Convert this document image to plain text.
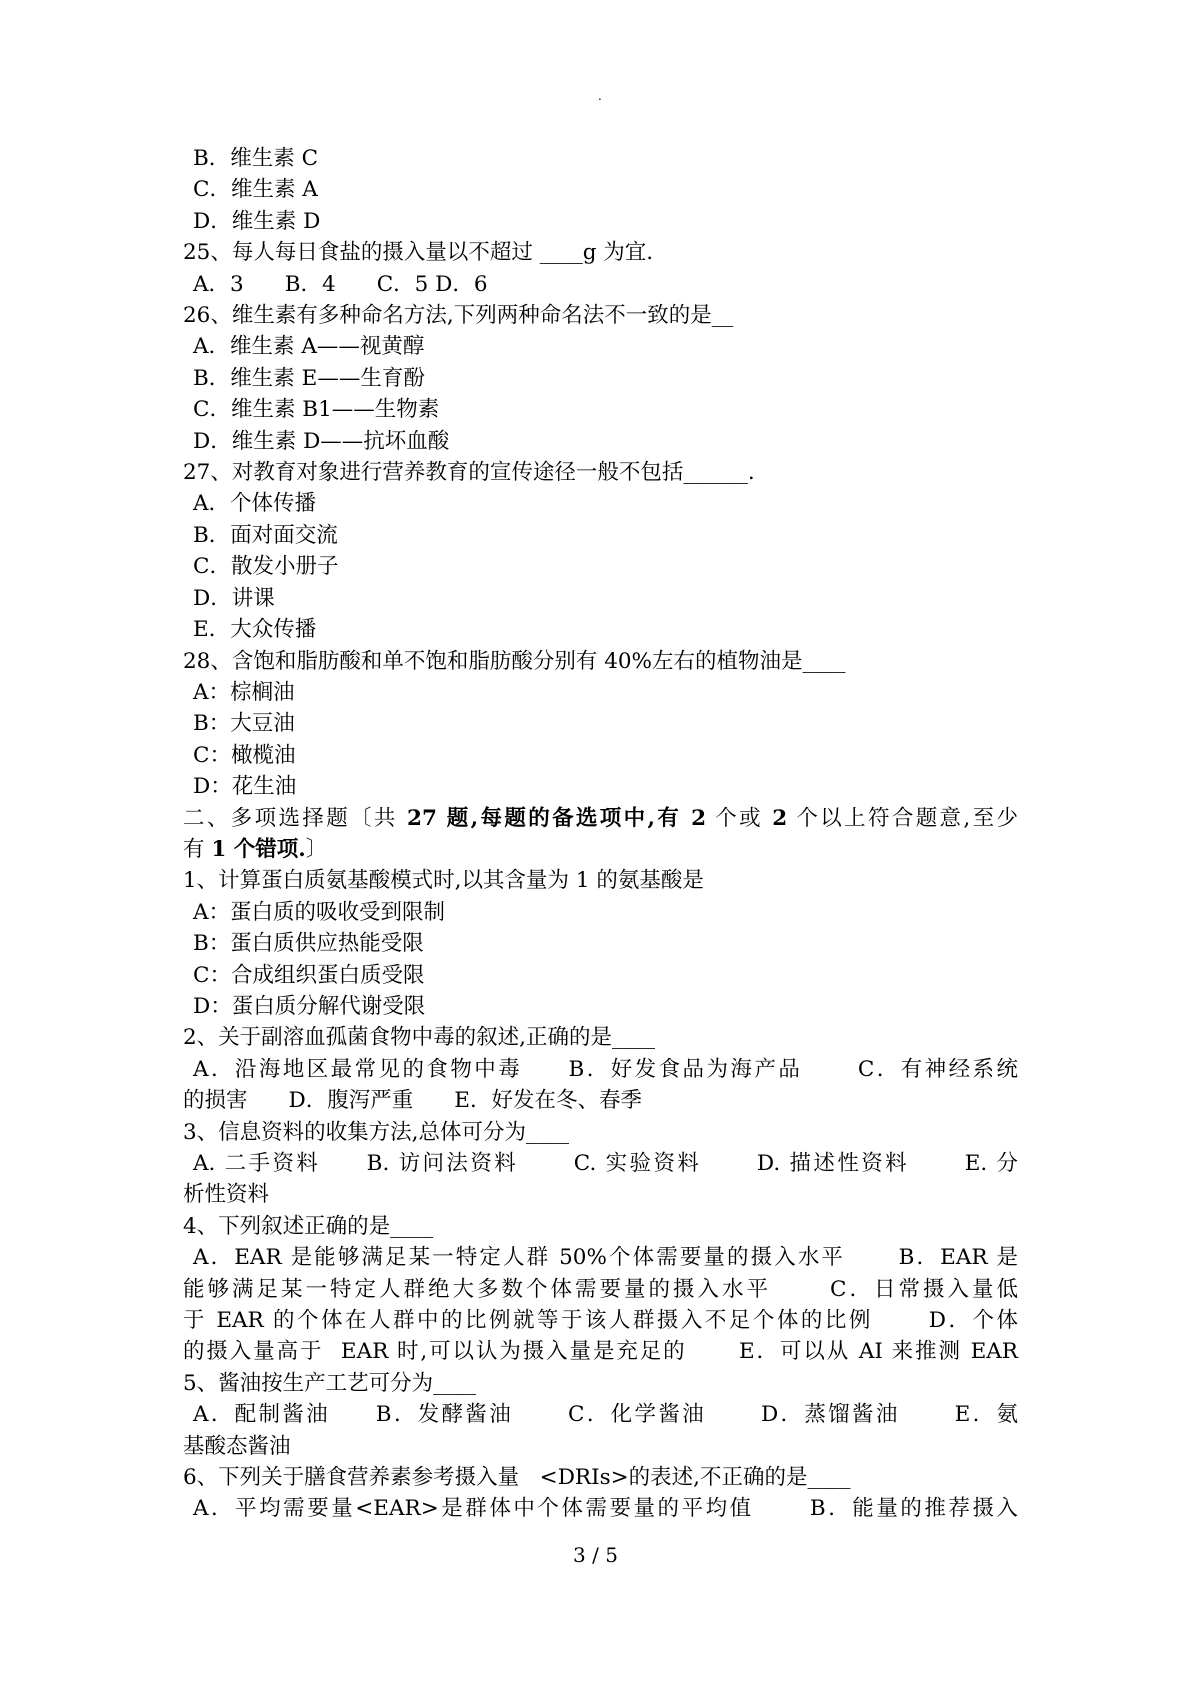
.
B．维生素 C
C．维生素 A
D．维生素 D
25、每人每日食盐的摄入量以不超过 ____g 为宜.
A．3      B．4      C．5 D．6
26、维生素有多种命名方法,下列两种命名法不一致的是__
A．维生素 A——视黄醇
B．维生素 E——生育酚
C．维生素 B1——生物素
D．维生素 D——抗坏血酸
27、对教育对象进行营养教育的宣传途径一般不包括______.
A．个体传播
B．面对面交流
C．散发小册子
D．讲课
E．大众传播
28、含饱和脂肪酸和单不饱和脂肪酸分别有 40%左右的植物油是____
A：棕榈油
B：大豆油
C：橄榄油
D：花生油
二、多项选择题〔共 27 题,每题的备选项中,有 2 个或 2 个以上符合题意,至少
有 1 个错项.〕
1、计算蛋白质氨基酸模式时,以其含量为 1 的氨基酸是
A：蛋白质的吸收受到限制
B：蛋白质供应热能受限
C：合成组织蛋白质受限
D：蛋白质分解代谢受限
2、关于副溶血孤菌食物中毒的叙述,正确的是____
A．沿海地区最常见的食物中毒     B．好发食品为海产品      C．有神经系统
的损害      D．腹泻严重      E．好发在冬、春季
3、信息资料的收集方法,总体可分为____
A. 二手资料     B. 访问法资料      C. 实验资料      D. 描述性资料      E. 分
析性资料
4、下列叙述正确的是____
A．EAR 是能够满足某一特定人群 50%个体需要量的摄入水平      B．EAR 是
能够满足某一特定人群绝大多数个体需要量的摄入水平      C．日常摄入量低
于 EAR 的个体在人群中的比例就等于该人群摄入不足个体的比例      D．个体
的摄入量高于  EAR 时,可以认为摄入量是充足的      E．可以从 AI 来推测 EAR
5、酱油按生产工艺可分为____
A．配制酱油     B．发酵酱油      C．化学酱油      D．蒸馏酱油      E．氨
基酸态酱油
6、下列关于膳食营养素参考摄入量   <DRIs>的表述,不正确的是____
A．平均需要量<EAR>是群体中个体需要量的平均值      B．能量的推荐摄入
3 / 5
